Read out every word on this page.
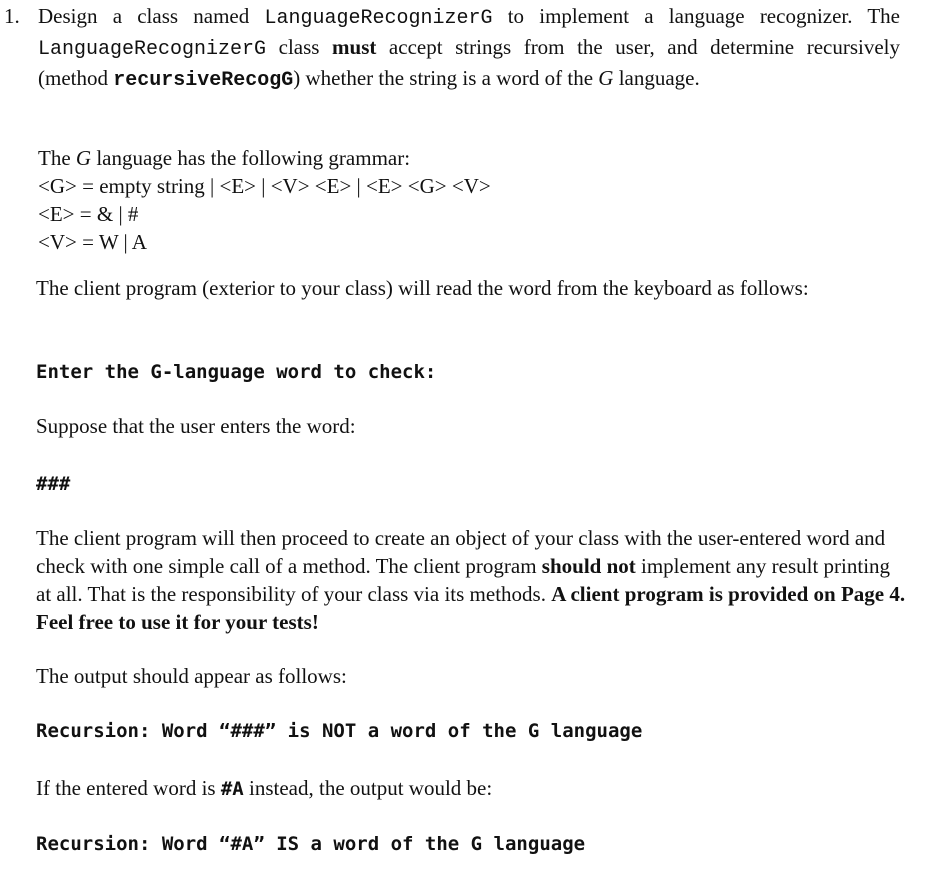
1. Design a class named LanguageRecognizerG to implement a language recognizer. The LanguageRecognizerG class must accept strings from the user, and determine recursively (method recursiveRecogG) whether the string is a word of the G language.
The G language has the following grammar:
<G> = empty string | <E> | <V> <E> | <E> <G> <V>
<E> = & | #
<V> = W | A
The client program (exterior to your class) will read the word from the keyboard as follows:
Enter the G-language word to check:
Suppose that the user enters the word:
###
The client program will then proceed to create an object of your class with the user-entered word and check with one simple call of a method. The client program should not implement any result printing at all. That is the responsibility of your class via its methods. A client program is provided on Page 4. Feel free to use it for your tests!
The output should appear as follows:
Recursion: Word “###” is NOT a word of the G language
If the entered word is #A instead, the output would be:
Recursion: Word “#A” IS a word of the G language
